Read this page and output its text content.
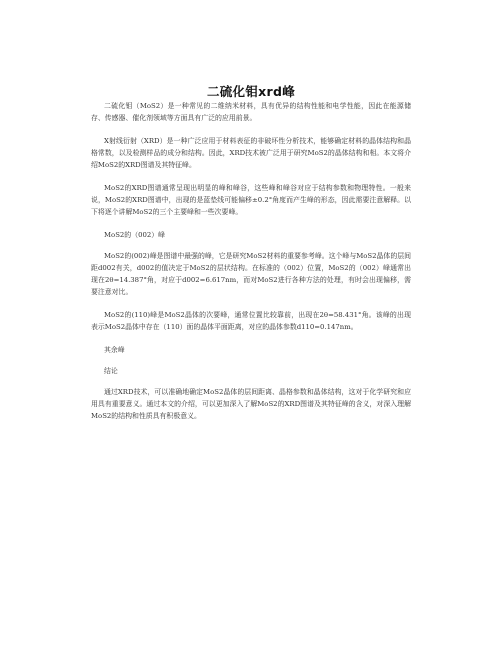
二硫化钼xrd峰

二硫化钼（MoS2）是一种常见的二维纳米材料，具有优异的结构性能和电学性能，因此在能源储存、传感器、催化剂领域等方面具有广泛的应用前景。

X射线衍射（XRD）是一种广泛应用于材料表征的非破坏性分析技术，能够确定材料的晶体结构和晶格常数，以及检测样品的成分和结构。因此，XRD技术被广泛用于研究MoS2的晶体结构和相。本文将介绍MoS2的XRD图谱及其特征峰。

MoS2的XRD图谱通常呈现出明显的峰和峰谷，这些峰和峰谷对应于结构参数和物理特性。一般来说，MoS2的XRD图谱中，出现的是蓝垫线可能偏移±0.2°角度而产生峰的形态，因此需要注意解释。以下将逐个讲解MoS2的三个主要峰和一些次要峰。

MoS2的（002）峰

MoS2的(002)峰是图谱中最强的峰，它是研究MoS2材料的重要参考峰。这个峰与MoS2晶体的层间距d002有关，d002的值决定于MoS2的层状结构。在标准的（002）位置，MoS2的（002）峰通常出现在2θ=14.387°角，对应于d002=6.617nm，而对MoS2进行各种方法的处理，有时会出现偏移，需要注意对比。

MoS2的(110)峰是MoS2晶体的次要峰，通常位置比较靠前，出现在2θ=58.431°角。该峰的出现表示MoS2晶体中存在（110）面的晶体平面距离，对应的晶体参数d110=0.147nm。

其余峰

结论

通过XRD技术，可以准确地确定MoS2晶体的层间距离、晶格参数和晶体结构，这对于化学研究和应用具有重要意义。通过本文的介绍，可以更加深入了解MoS2的XRD图谱及其特征峰的含义，对深入理解MoS2的结构和性质具有积极意义。
